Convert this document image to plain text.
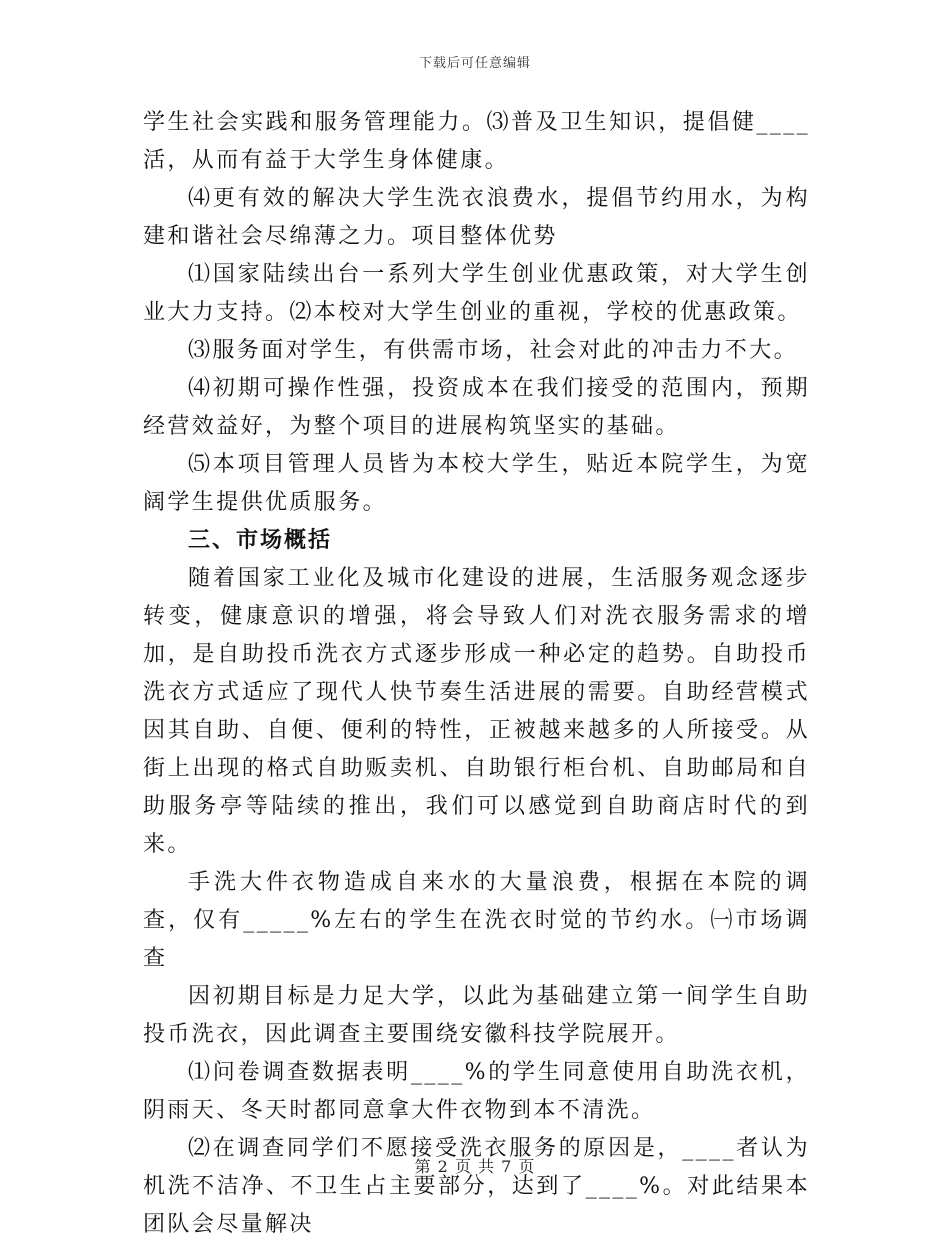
下载后可任意编辑

学生社会实践和服务管理能力。⑶普及卫生知识，提倡健____活，从而有益于大学生身体健康。

⑷更有效的解决大学生洗衣浪费水，提倡节约用水，为构建和谐社会尽绵薄之力。项目整体优势

⑴国家陆续出台一系列大学生创业优惠政策，对大学生创业大力支持。⑵本校对大学生创业的重视，学校的优惠政策。

⑶服务面对学生，有供需市场，社会对此的冲击力不大。

⑷初期可操作性强，投资成本在我们接受的范围内，预期经营效益好，为整个项目的进展构筑坚实的基础。

⑸本项目管理人员皆为本校大学生，贴近本院学生，为宽阔学生提供优质服务。

三、市场概括

随着国家工业化及城市化建设的进展，生活服务观念逐步转变，健康意识的增强，将会导致人们对洗衣服务需求的增加，是自助投币洗衣方式逐步形成一种必定的趋势。自助投币洗衣方式适应了现代人快节奏生活进展的需要。自助经营模式因其自助、自便、便利的特性，正被越来越多的人所接受。从街上出现的格式自助贩卖机、自助银行柜台机、自助邮局和自助服务亭等陆续的推出，我们可以感觉到自助商店时代的到来。

手洗大件衣物造成自来水的大量浪费，根据在本院的调查，仅有_____%左右的学生在洗衣时觉的节约水。㈠市场调查

因初期目标是力足大学，以此为基础建立第一间学生自助投币洗衣，因此调查主要围绕安徽科技学院展开。

⑴问卷调查数据表明____%的学生同意使用自助洗衣机，阴雨天、冬天时都同意拿大件衣物到本不清洗。

⑵在调查同学们不愿接受洗衣服务的原因是，____者认为机洗不洁净、不卫生占主要部分，达到了____%。对此结果本团队会尽量解决

第 2 页 共 7 页
